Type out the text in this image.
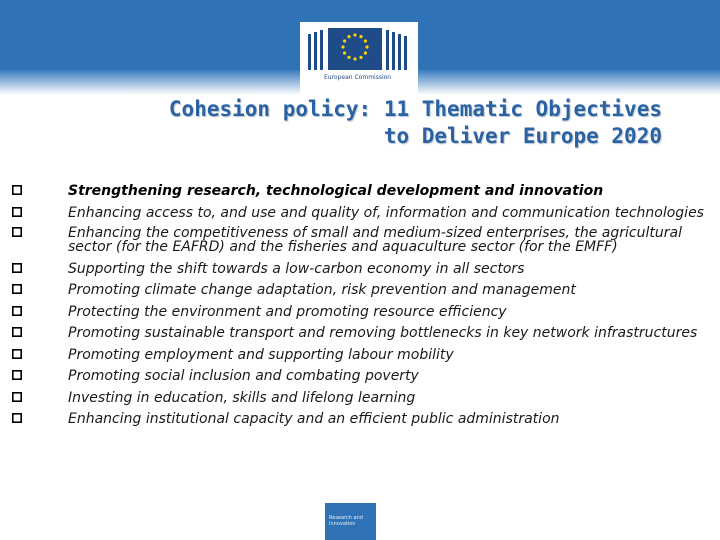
European Commission
Cohesion policy: 11 Thematic Objectives
to Deliver Europe 2020
Strengthening research, technological development and innovation
Enhancing access to, and use and quality of, information and communication technologies
Enhancing the competitiveness of small and medium-sized enterprises, the agricultural sector (for the EAFRD) and the fisheries and aquaculture sector (for the EMFF)
Supporting the shift towards a low-carbon economy in all sectors
Promoting climate change adaptation, risk prevention and management
Protecting the environment and promoting resource efficiency
Promoting sustainable transport and removing bottlenecks in key network infrastructures
Promoting employment and supporting labour mobility
Promoting social inclusion and combating poverty
Investing in education, skills and lifelong learning
Enhancing institutional capacity and an efficient public administration
Research and Innovation
